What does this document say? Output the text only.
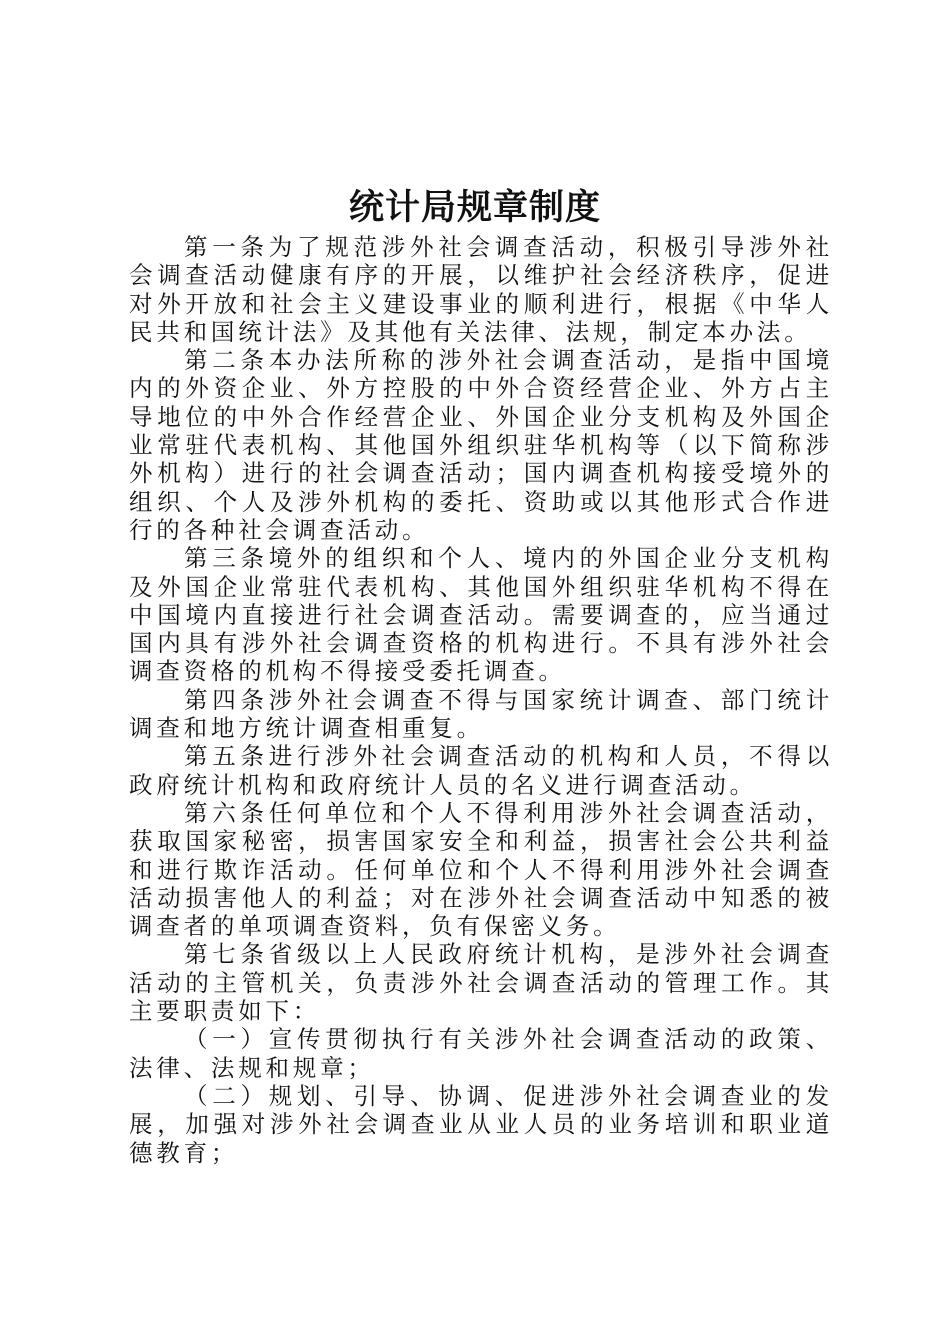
统计局规章制度

第一条为了规范涉外社会调查活动，积极引导涉外社会调查活动健康有序的开展，以维护社会经济秩序，促进对外开放和社会主义建设事业的顺利进行，根据《中华人民共和国统计法》及其他有关法律、法规，制定本办法。

第二条本办法所称的涉外社会调查活动，是指中国境内的外资企业、外方控股的中外合资经营企业、外方占主导地位的中外合作经营企业、外国企业分支机构及外国企业常驻代表机构、其他国外组织驻华机构等（以下简称涉外机构）进行的社会调查活动；国内调查机构接受境外的组织、个人及涉外机构的委托、资助或以其他形式合作进行的各种社会调查活动。

第三条境外的组织和个人、境内的外国企业分支机构及外国企业常驻代表机构、其他国外组织驻华机构不得在中国境内直接进行社会调查活动。需要调查的，应当通过国内具有涉外社会调查资格的机构进行。不具有涉外社会调查资格的机构不得接受委托调查。

第四条涉外社会调查不得与国家统计调查、部门统计调查和地方统计调查相重复。

第五条进行涉外社会调查活动的机构和人员，不得以政府统计机构和政府统计人员的名义进行调查活动。

第六条任何单位和个人不得利用涉外社会调查活动，获取国家秘密，损害国家安全和利益，损害社会公共利益和进行欺诈活动。任何单位和个人不得利用涉外社会调查活动损害他人的利益；对在涉外社会调查活动中知悉的被调查者的单项调查资料，负有保密义务。

第七条省级以上人民政府统计机构，是涉外社会调查活动的主管机关，负责涉外社会调查活动的管理工作。其主要职责如下：

（一）宣传贯彻执行有关涉外社会调查活动的政策、法律、法规和规章；

（二）规划、引导、协调、促进涉外社会调查业的发展，加强对涉外社会调查业从业人员的业务培训和职业道德教育；
